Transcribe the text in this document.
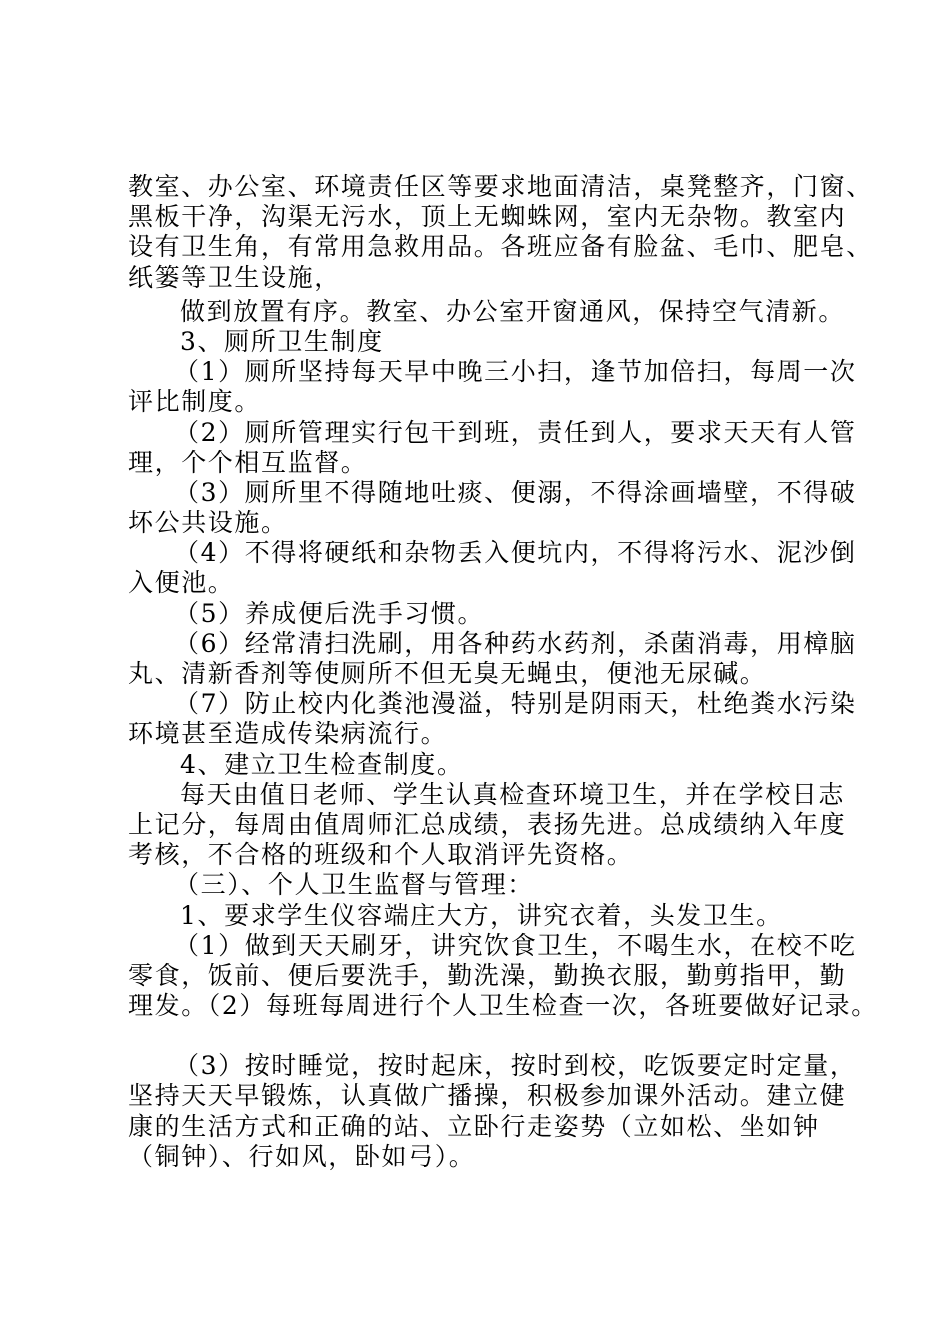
教室、办公室、环境责任区等要求地面清洁，桌凳整齐，门窗、
黑板干净，沟渠无污水，顶上无蜘蛛网，室内无杂物。教室内
设有卫生角，有常用急救用品。各班应备有脸盆、毛巾、肥皂、
纸篓等卫生设施，
做到放置有序。教室、办公室开窗通风，保持空气清新。
3、厕所卫生制度
（1）厕所坚持每天早中晚三小扫，逢节加倍扫，每周一次
评比制度。
（2）厕所管理实行包干到班，责任到人，要求天天有人管
理，个个相互监督。
（3）厕所里不得随地吐痰、便溺，不得涂画墙壁，不得破
坏公共设施。
（4）不得将硬纸和杂物丢入便坑内，不得将污水、泥沙倒
入便池。
（5）养成便后洗手习惯。
（6）经常清扫洗刷，用各种药水药剂，杀菌消毒，用樟脑
丸、清新香剂等使厕所不但无臭无蝇虫，便池无尿碱。
（7）防止校内化粪池漫溢，特别是阴雨天，杜绝粪水污染
环境甚至造成传染病流行。
4、建立卫生检查制度。
每天由值日老师、学生认真检查环境卫生，并在学校日志
上记分，每周由值周师汇总成绩，表扬先进。总成绩纳入年度
考核，不合格的班级和个人取消评先资格。
（三）、个人卫生监督与管理：
1、要求学生仪容端庄大方，讲究衣着，头发卫生。
（1）做到天天刷牙，讲究饮食卫生，不喝生水，在校不吃
零食，饭前、便后要洗手，勤洗澡，勤换衣服，勤剪指甲，勤
理发。（2）每班每周进行个人卫生检查一次，各班要做好记录。
（3）按时睡觉，按时起床，按时到校，吃饭要定时定量，
坚持天天早锻炼，认真做广播操，积极参加课外活动。建立健
康的生活方式和正确的站、立卧行走姿势（立如松、坐如钟
（铜钟）、行如风，卧如弓）。
